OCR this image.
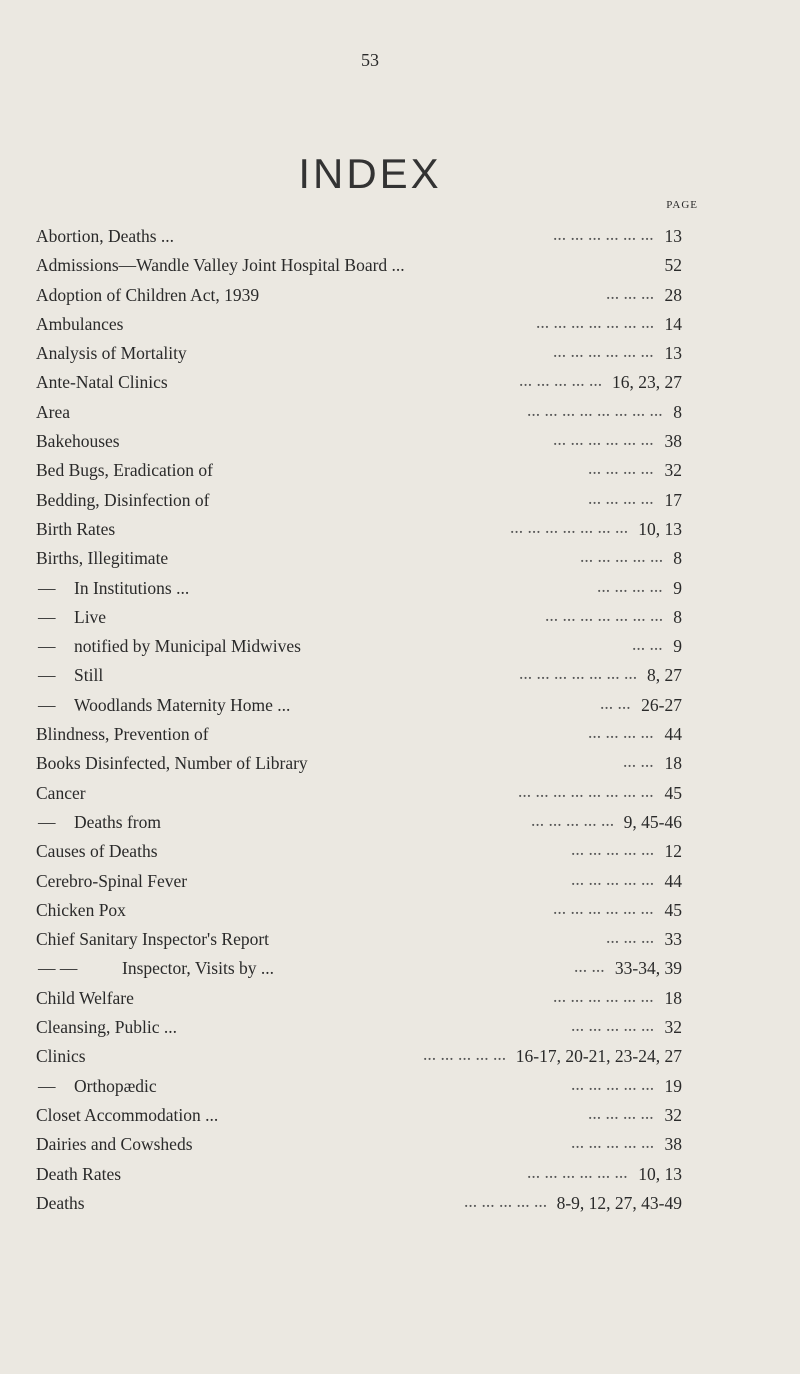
53
INDEX
PAGE
Abortion, Deaths ...	13
... ... ... ... ... ...
Admissions—Wandle Valley Joint Hospital Board ...	52
Adoption of Children Act, 1939	28
... ... ...
Ambulances	14
... ... ... ... ... ... ...
Analysis of Mortality	13
... ... ... ... ... ...
Ante-Natal Clinics	16, 23, 27
... ... ... ... ...
Area	8
... ... ... ... ... ... ... ...
Bakehouses	38
... ... ... ... ... ...
Bed Bugs, Eradication of	32
... ... ... ...
Bedding, Disinfection of	17
... ... ... ...
Birth Rates	10, 13
... ... ... ... ... ... ...
Births, Illegitimate	8
... ... ... ... ...
— In Institutions ...	9
... ... ... ...
— Live	8
... ... ... ... ... ... ...
— notified by Municipal Midwives	9
... ...
— Still	8, 27
... ... ... ... ... ... ...
— Woodlands Maternity Home ...	26-27
... ...
Blindness, Prevention of	44
... ... ... ...
Books Disinfected, Number of Library	18
... ...
Cancer	45
... ... ... ... ... ... ... ...
— Deaths from	9, 45-46
... ... ... ... ...
Causes of Deaths	12
... ... ... ... ...
Cerebro-Spinal Fever	44
... ... ... ... ...
Chicken Pox	45
... ... ... ... ... ...
Chief Sanitary Inspector's Report	33
... ... ...
— —	Inspector, Visits by ...	33-34, 39
... ...
Child Welfare	18
... ... ... ... ... ...
Cleansing, Public ...	32
... ... ... ... ...
Clinics	16-17, 20-21, 23-24, 27
... ... ... ... ...
— Orthopædic	19
... ... ... ... ...
Closet Accommodation ...	32
... ... ... ...
Dairies and Cowsheds	38
... ... ... ... ...
Death Rates	10, 13
... ... ... ... ... ...
Deaths	8-9, 12, 27, 43-49
... ... ... ... ...
